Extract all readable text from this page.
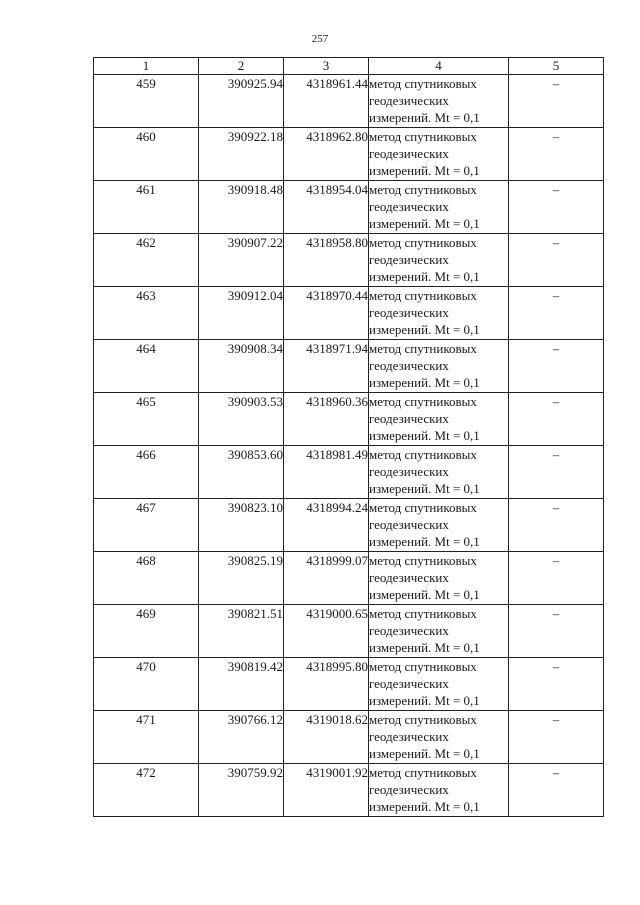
257
1	2	3	4	5
459	390925.94	4318961.44	метод спутниковых
геодезических
измерений. Mt = 0,1	–
460	390922.18	4318962.80	метод спутниковых
геодезических
измерений. Mt = 0,1	–
461	390918.48	4318954.04	метод спутниковых
геодезических
измерений. Mt = 0,1	–
462	390907.22	4318958.80	метод спутниковых
геодезических
измерений. Mt = 0,1	–
463	390912.04	4318970.44	метод спутниковых
геодезических
измерений. Mt = 0,1	–
464	390908.34	4318971.94	метод спутниковых
геодезических
измерений. Mt = 0,1	–
465	390903.53	4318960.36	метод спутниковых
геодезических
измерений. Mt = 0,1	–
466	390853.60	4318981.49	метод спутниковых
геодезических
измерений. Mt = 0,1	–
467	390823.10	4318994.24	метод спутниковых
геодезических
измерений. Mt = 0,1	–
468	390825.19	4318999.07	метод спутниковых
геодезических
измерений. Mt = 0,1	–
469	390821.51	4319000.65	метод спутниковых
геодезических
измерений. Mt = 0,1	–
470	390819.42	4318995.80	метод спутниковых
геодезических
измерений. Mt = 0,1	–
471	390766.12	4319018.62	метод спутниковых
геодезических
измерений. Mt = 0,1	–
472	390759.92	4319001.92	метод спутниковых
геодезических
измерений. Mt = 0,1	–
